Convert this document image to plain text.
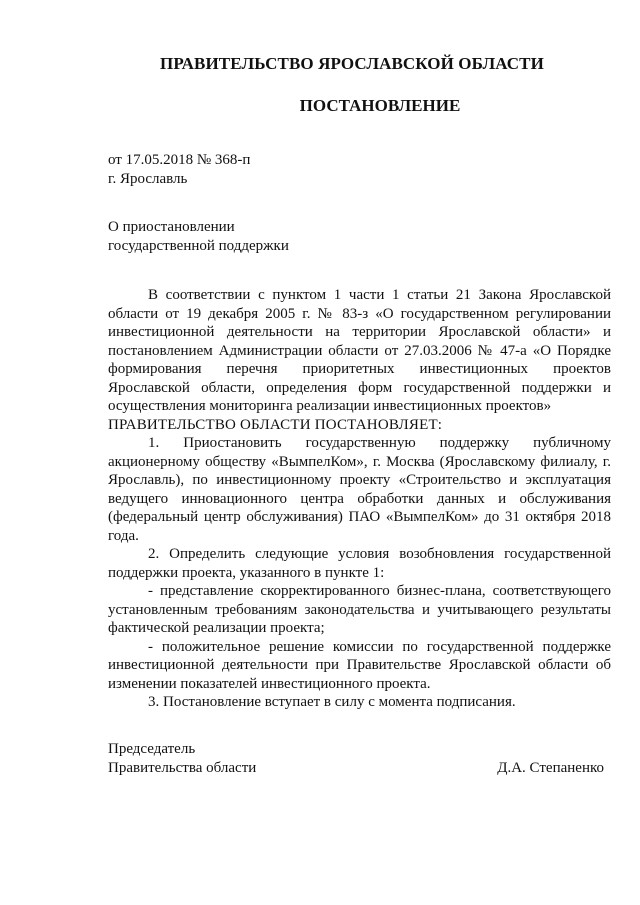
ПРАВИТЕЛЬСТВО ЯРОСЛАВСКОЙ ОБЛАСТИ
ПОСТАНОВЛЕНИЕ
от 17.05.2018 № 368-п
г. Ярославль
О приостановлении
государственной поддержки

В соответствии с пунктом 1 части 1 статьи 21 Закона Ярославской области от 19 декабря 2005 г. № 83-з «О государственном регулировании инвестиционной деятельности на территории Ярославской области» и постановлением Администрации области от 27.03.2006 № 47-а «О Порядке формирования перечня приоритетных инвестиционных проектов Ярославской области, определения форм государственной поддержки и осуществления мониторинга реализации инвестиционных проектов»

ПРАВИТЕЛЬСТВО ОБЛАСТИ ПОСТАНОВЛЯЕТ:

1. Приостановить государственную поддержку публичному акционерному обществу «ВымпелКом», г. Москва (Ярославскому филиалу, г. Ярославль), по инвестиционному проекту «Строительство и эксплуатация ведущего инновационного центра обработки данных и обслуживания (федеральный центр обслуживания) ПАО «ВымпелКом» до 31 октября 2018 года.

2. Определить следующие условия возобновления государственной поддержки проекта, указанного в пункте 1:

- представление скорректированного бизнес-плана, соответствующего установленным требованиям законодательства и учитывающего результаты фактической реализации проекта;

- положительное решение комиссии по государственной поддержке инвестиционной деятельности при Правительстве Ярославской области об изменении показателей инвестиционного проекта.

3. Постановление вступает в силу с момента подписания.

Председатель
Правительства области	Д.А. Степаненко
